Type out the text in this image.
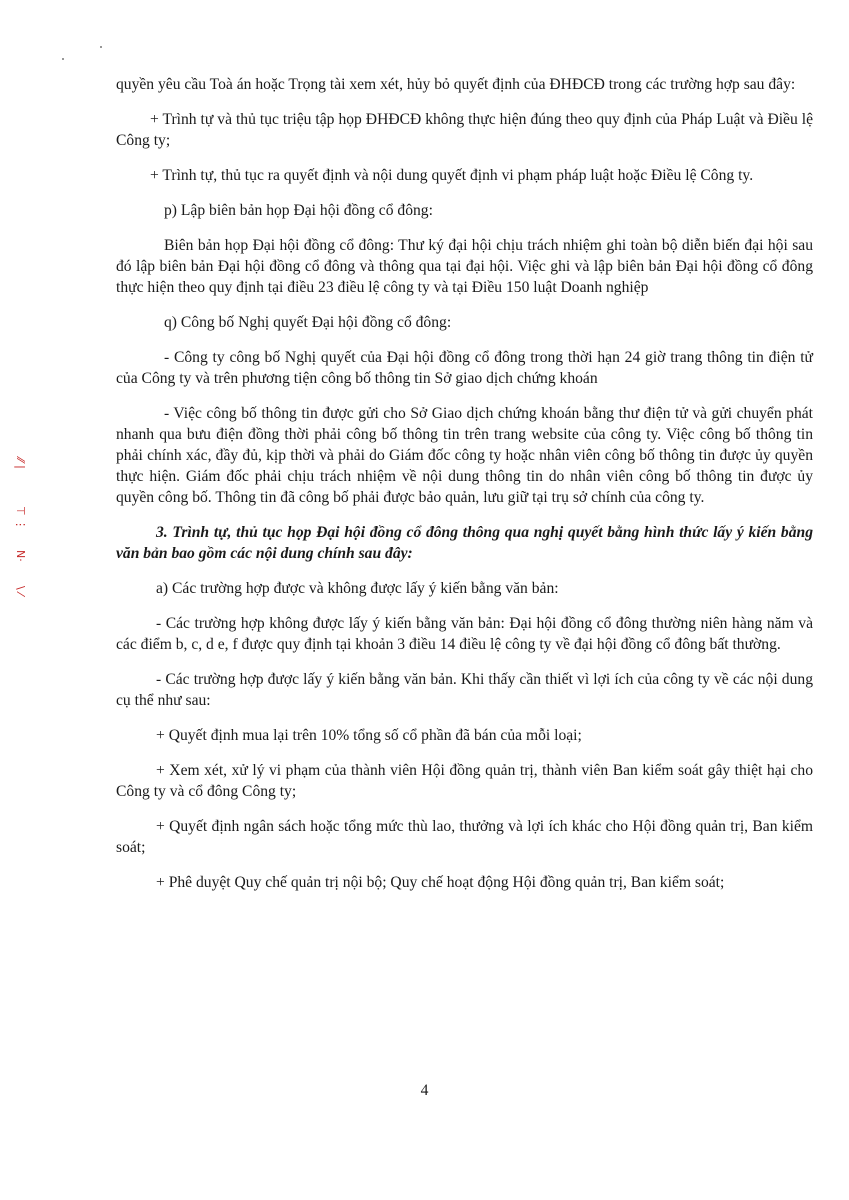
⁄⁄ |
⊤ ⋮
N·
\ ⁄

quyền yêu cầu Toà án hoặc Trọng tài xem xét, hủy bỏ quyết định của ĐHĐCĐ trong các trường hợp sau đây:

+ Trình tự và thủ tục triệu tập họp ĐHĐCĐ không thực hiện đúng theo quy định của Pháp Luật và Điều lệ Công ty;

+ Trình tự, thủ tục ra quyết định và nội dung quyết định vi phạm pháp luật hoặc Điều lệ Công ty.

p) Lập biên bản họp Đại hội đồng cổ đông:

Biên bản họp Đại hội đồng cổ đông: Thư ký đại hội chịu trách nhiệm ghi toàn bộ diễn biến đại hội sau đó lập biên bản Đại hội đồng cổ đông và thông qua tại đại hội. Việc ghi và lập biên bản Đại hội đồng cổ đông thực hiện theo quy định tại điều 23 điều lệ công ty và tại Điều 150 luật Doanh nghiệp

q) Công bố Nghị quyết Đại hội đồng cổ đông:

- Công ty công bố Nghị quyết của Đại hội đồng cổ đông trong thời hạn 24 giờ trang thông tin điện tử của Công ty và trên phương tiện công bố thông tin Sở giao dịch chứng khoán

- Việc công bố thông tin được gửi cho Sở Giao dịch chứng khoán bằng thư điện tử và gửi chuyển phát nhanh qua bưu điện đồng thời phải công bố thông tin trên trang website của công ty. Việc công bố thông tin phải chính xác, đầy đủ, kịp thời và phải do Giám đốc công ty hoặc nhân viên công bố thông tin được ủy quyền thực hiện. Giám đốc phải chịu trách nhiệm về nội dung thông tin do nhân viên công bố thông tin được ủy quyền công bố. Thông tin đã công bố phải được bảo quản, lưu giữ tại trụ sở chính của công ty.

3. Trình tự, thủ tục họp Đại hội đồng cổ đông thông qua nghị quyết bằng hình thức lấy ý kiến bằng văn bản bao gồm các nội dung chính sau đây:

a) Các trường hợp được và không được lấy ý kiến bằng văn bản:

- Các trường hợp không được lấy ý kiến bằng văn bản: Đại hội đồng cổ đông thường niên hàng năm và các điểm b, c, d e, f được quy định tại khoản 3 điều 14 điều lệ công ty về đại hội đồng cổ đông bất thường.

- Các trường hợp được lấy ý kiến bằng văn bản. Khi thấy cần thiết vì lợi ích của công ty về các nội dung cụ thể như sau:

+ Quyết định mua lại trên 10% tổng số cổ phần đã bán của mỗi loại;

+ Xem xét, xử lý vi phạm của thành viên Hội đồng quản trị, thành viên Ban kiểm soát gây thiệt hại cho Công ty và cổ đông Công ty;

+ Quyết định ngân sách hoặc tổng mức thù lao, thưởng và lợi ích khác cho Hội đồng quản trị, Ban kiểm soát;

+ Phê duyệt Quy chế quản trị nội bộ; Quy chế hoạt động Hội đồng quản trị, Ban kiểm soát;

4
